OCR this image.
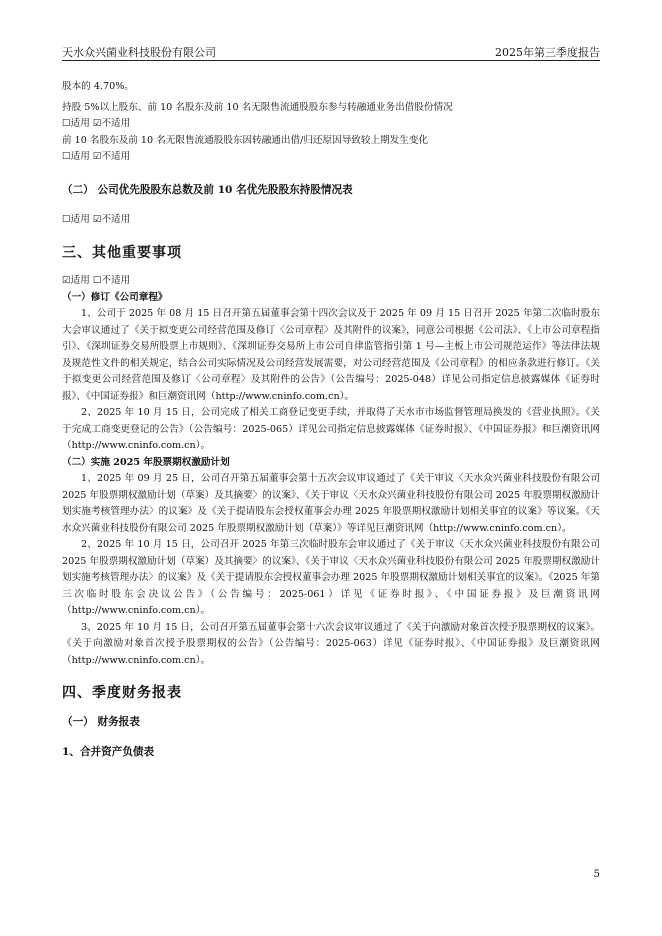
天水众兴菌业科技股份有限公司	2025年第三季度报告

股本的 4.70%。

持股 5%以上股东、前 10 名股东及前 10 名无限售流通股股东参与转融通业务出借股份情况

☐适用 ☑不适用

前 10 名股东及前 10 名无限售流通股股东因转融通出借/归还原因导致较上期发生变化

☐适用 ☑不适用

（二） 公司优先股股东总数及前 10 名优先股股东持股情况表

☐适用 ☑不适用

三、其他重要事项

☑适用 ☐不适用

（一）修订《公司章程》

1、公司于 2025 年 08 月 15 日召开第五届董事会第十四次会议及于 2025 年 09 月 15 日召开 2025 年第二次临时股东大会审议通过了《关于拟变更公司经营范围及修订〈公司章程〉及其附件的议案》，同意公司根据《公司法》、《上市公司章程指引》、《深圳证券交易所股票上市规则》、《深圳证券交易所上市公司自律监管指引第 1 号—主板上市公司规范运作》等法律法规及规范性文件的相关规定，结合公司实际情况及公司经营发展需要，对公司经营范围及《公司章程》的相应条款进行修订。《关于拟变更公司经营范围及修订〈公司章程〉及其附件的公告》（公告编号：2025-048）详见公司指定信息披露媒体《证券时报》、《中国证券报》和巨潮资讯网（http://www.cninfo.com.cn）。

2、2025 年 10 月 15 日，公司完成了相关工商登记变更手续，并取得了天水市市场监督管理局换发的《营业执照》。《关于完成工商变更登记的公告》（公告编号：2025-065）详见公司指定信息披露媒体《证券时报》、《中国证券报》和巨潮资讯网（http://www.cninfo.com.cn）。

（二）实施 2025 年股票期权激励计划

1、2025 年 09 月 25 日，公司召开第五届董事会第十五次会议审议通过了《关于审议〈天水众兴菌业科技股份有限公司 2025 年股票期权激励计划（草案）及其摘要〉的议案》、《关于审议〈天水众兴菌业科技股份有限公司 2025 年股票期权激励计划实施考核管理办法〉的议案》及《关于提请股东会授权董事会办理 2025 年股票期权激励计划相关事宜的议案》等议案。《天水众兴菌业科技股份有限公司 2025 年股票期权激励计划（草案）》等详见巨潮资讯网（http://www.cninfo.com.cn）。

2、2025 年 10 月 15 日，公司召开 2025 年第三次临时股东会审议通过了《关于审议〈天水众兴菌业科技股份有限公司 2025 年股票期权激励计划（草案）及其摘要〉的议案》、《关于审议〈天水众兴菌业科技股份有限公司 2025 年股票期权激励计划实施考核管理办法〉的议案》及《关于提请股东会授权董事会办理 2025 年股票期权激励计划相关事宜的议案》。《2025 年第三次临时股东会决议公告》（公告编号：2025-061）详见《证券时报》、《中国证券报》及巨潮资讯网（http://www.cninfo.com.cn）。

3、2025 年 10 月 15 日，公司召开第五届董事会第十六次会议审议通过了《关于向激励对象首次授予股票期权的议案》。《关于向激励对象首次授予股票期权的公告》（公告编号：2025-063）详见《证券时报》、《中国证券报》及巨潮资讯网（http://www.cninfo.com.cn）。

四、季度财务报表

（一） 财务报表

1、合并资产负债表

5
